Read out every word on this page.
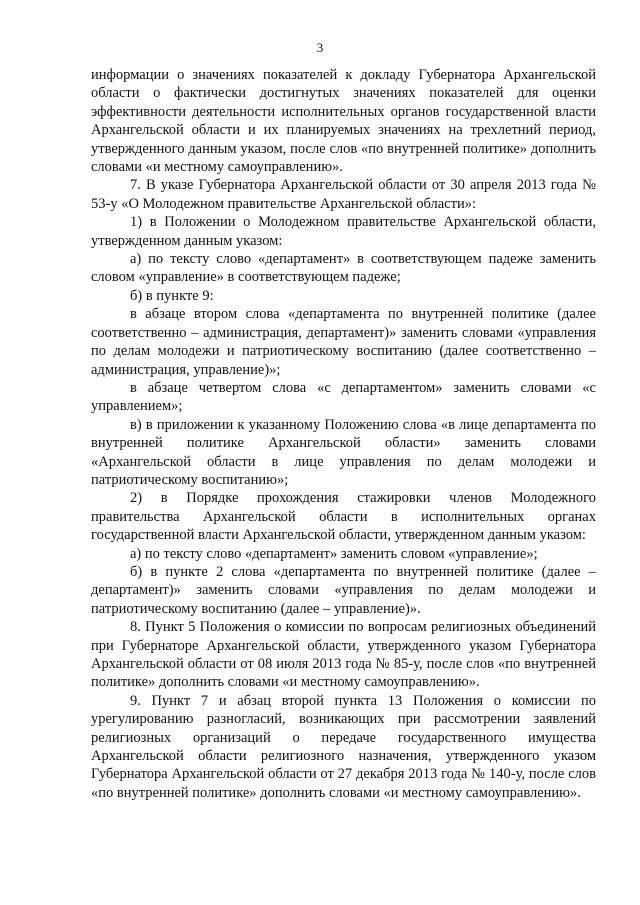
3

информации о значениях показателей к докладу Губернатора Архангельской области о фактически достигнутых значениях показателей для оценки эффективности деятельности исполнительных органов государственной власти Архангельской области и их планируемых значениях на трехлетний период, утвержденного данным указом, после слов «по внутренней политике» дополнить словами «и местному самоуправлению».

7. В указе Губернатора Архангельской области от 30 апреля 2013 года № 53-у «О Молодежном правительстве Архангельской области»:

1) в Положении о Молодежном правительстве Архангельской области, утвержденном данным указом:

а) по тексту слово «департамент» в соответствующем падеже заменить словом «управление» в соответствующем падеже;

б) в пункте 9:

в абзаце втором слова «департамента по внутренней политике (далее соответственно – администрация, департамент)» заменить словами «управления по делам молодежи и патриотическому воспитанию (далее соответственно – администрация, управление)»;

в абзаце четвертом слова «с департаментом» заменить словами «с управлением»;

в) в приложении к указанному Положению слова «в лице департамента по внутренней политике Архангельской области» заменить словами «Архангельской области в лице управления по делам молодежи и патриотическому воспитанию»;

2) в Порядке прохождения стажировки членов Молодежного правительства Архангельской области в исполнительных органах государственной власти Архангельской области, утвержденном данным указом:

а) по тексту слово «департамент» заменить словом «управление»;

б) в пункте 2 слова «департамента по внутренней политике (далее – департамент)» заменить словами «управления по делам молодежи и патриотическому воспитанию (далее – управление)».

8. Пункт 5 Положения о комиссии по вопросам религиозных объединений при Губернаторе Архангельской области, утвержденного указом Губернатора Архангельской области от 08 июля 2013 года № 85-у, после слов «по внутренней политике» дополнить словами «и местному самоуправлению».

9. Пункт 7 и абзац второй пункта 13 Положения о комиссии по урегулированию разногласий, возникающих при рассмотрении заявлений религиозных организаций о передаче государственного имущества Архангельской области религиозного назначения, утвержденного указом Губернатора Архангельской области от 27 декабря 2013 года № 140-у, после слов «по внутренней политике» дополнить словами «и местному самоуправлению».
